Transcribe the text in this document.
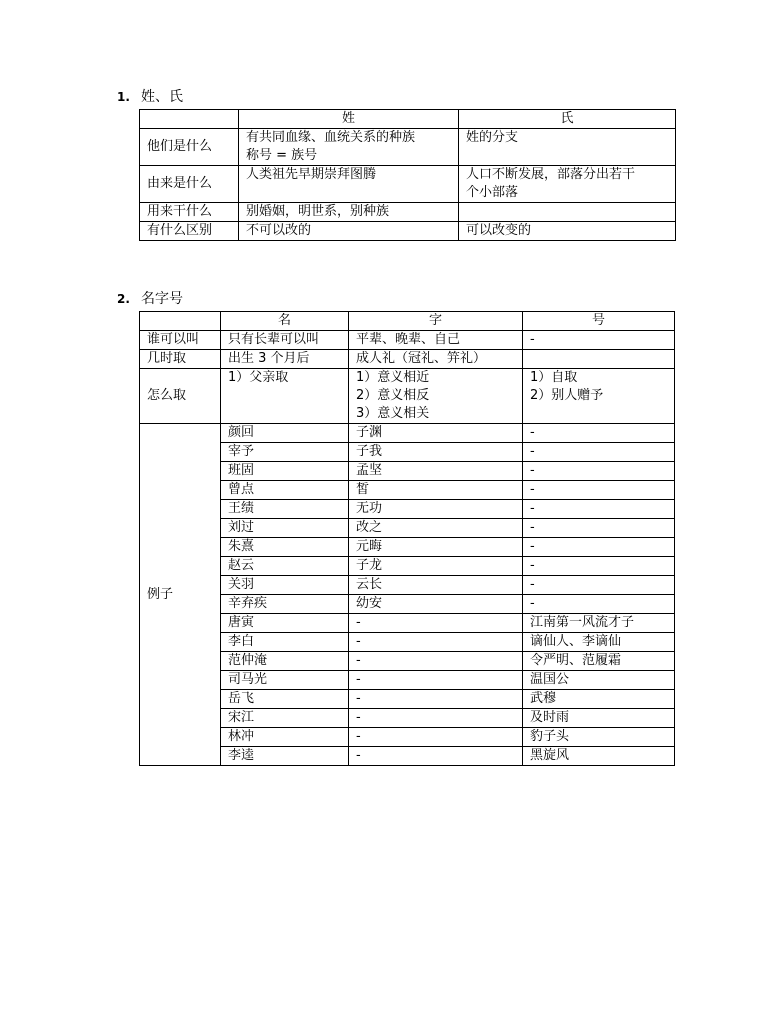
1. 姓、氏
	姓	氏
他们是什么	有共同血缘、血统关系的种族
称号 = 族号	姓的分支

由来是什么	人类祖先早期崇拜图腾	人口不断发展，部落分出若干
个小部落

用来干什么	别婚姻，明世系，别种族	

有什么区别	不可以改的	可以改变的
2. 名字号
	名	字	号
谁可以叫	只有长辈可以叫	平辈、晚辈、自己	-
几时取	出生 3 个月后	成人礼（冠礼、笄礼）	
怎么取	1）父亲取	1）意义相近
2）意义相反
3）意义相关	1）自取
2）别人赠予

例子	颜回	子渊	-
	宰予	子我	-
	班固	孟坚	-
	曾点	皙	-
	王绩	无功	-
	刘过	改之	-
	朱熹	元晦	-
	赵云	子龙	-
	关羽	云长	-
	辛弃疾	幼安	-
	唐寅	-	江南第一风流才子
	李白	-	谪仙人、李谪仙
	范仲淹	-	令严明、范履霜
	司马光	-	温国公
	岳飞	-	武穆
	宋江	-	及时雨
	林冲	-	豹子头
	李逵	-	黑旋风
